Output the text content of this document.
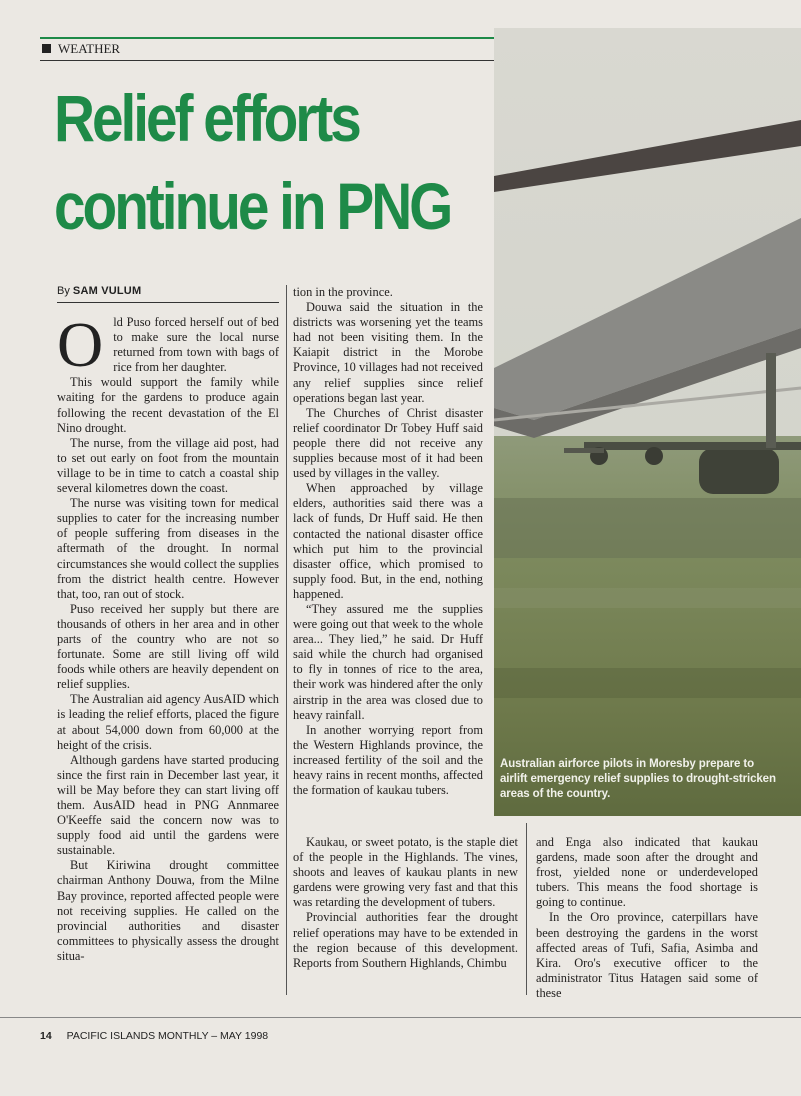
Australian airforce pilots in Moresby prepare to airlift emergency relief supplies to drought-stricken areas of the country.
WEATHER
Relief efforts
continue in PNG
By SAM VULUM

Old Puso forced herself out of bed to make sure the local nurse returned from town with bags of rice from her daughter.

This would support the family while waiting for the gardens to produce again following the recent devastation of the El Nino drought.

The nurse, from the village aid post, had to set out early on foot from the mountain village to be in time to catch a coastal ship several kilometres down the coast.

The nurse was visiting town for medical supplies to cater for the increasing number of people suffering from diseases in the aftermath of the drought. In normal circumstances she would collect the supplies from the district health centre. However that, too, ran out of stock.

Puso received her supply but there are thousands of others in her area and in other parts of the country who are not so fortunate. Some are still living off wild foods while others are heavily dependent on relief supplies.

The Australian aid agency AusAID which is leading the relief efforts, placed the figure at about 54,000 down from 60,000 at the height of the crisis.

Although gardens have started producing since the first rain in December last year, it will be May before they can start living off them. AusAID head in PNG Annmaree O'Keeffe said the concern now was to supply food aid until the gardens were sustainable.

But Kiriwina drought committee chairman Anthony Douwa, from the Milne Bay province, reported affected people were not receiving supplies. He called on the provincial authorities and disaster committees to physically assess the drought situa-

tion in the province.

Douwa said the situation in the districts was worsening yet the teams had not been visiting them. In the Kaiapit district in the Morobe Province, 10 villages had not received any relief supplies since relief operations began last year.

The Churches of Christ disaster relief coordinator Dr Tobey Huff said people there did not receive any supplies because most of it had been used by villages in the valley.

When approached by village elders, authorities said there was a lack of funds, Dr Huff said. He then contacted the national disaster office which put him to the provincial disaster office, which promised to supply food. But, in the end, nothing happened.

“They assured me the supplies were going out that week to the whole area... They lied,” he said. Dr Huff said while the church had organised to fly in tonnes of rice to the area, their work was hindered after the only airstrip in the area was closed due to heavy rainfall.

In another worrying report from the Western Highlands province, the increased fertility of the soil and the heavy rains in recent months, affected the formation of kaukau tubers.

Kaukau, or sweet potato, is the staple diet of the people in the Highlands. The vines, shoots and leaves of kaukau plants in new gardens were growing very fast and that this was retarding the development of tubers.

Provincial authorities fear the drought relief operations may have to be extended in the region because of this development. Reports from Southern Highlands, Chimbu

and Enga also indicated that kaukau gardens, made soon after the drought and frost, yielded none or underdeveloped tubers. This means the food shortage is going to continue.

In the Oro province, caterpillars have been destroying the gardens in the worst affected areas of Tufi, Safia, Asimba and Kira. Oro's executive officer to the administrator Titus Hatagen said some of these

14 PACIFIC ISLANDS MONTHLY – MAY 1998
